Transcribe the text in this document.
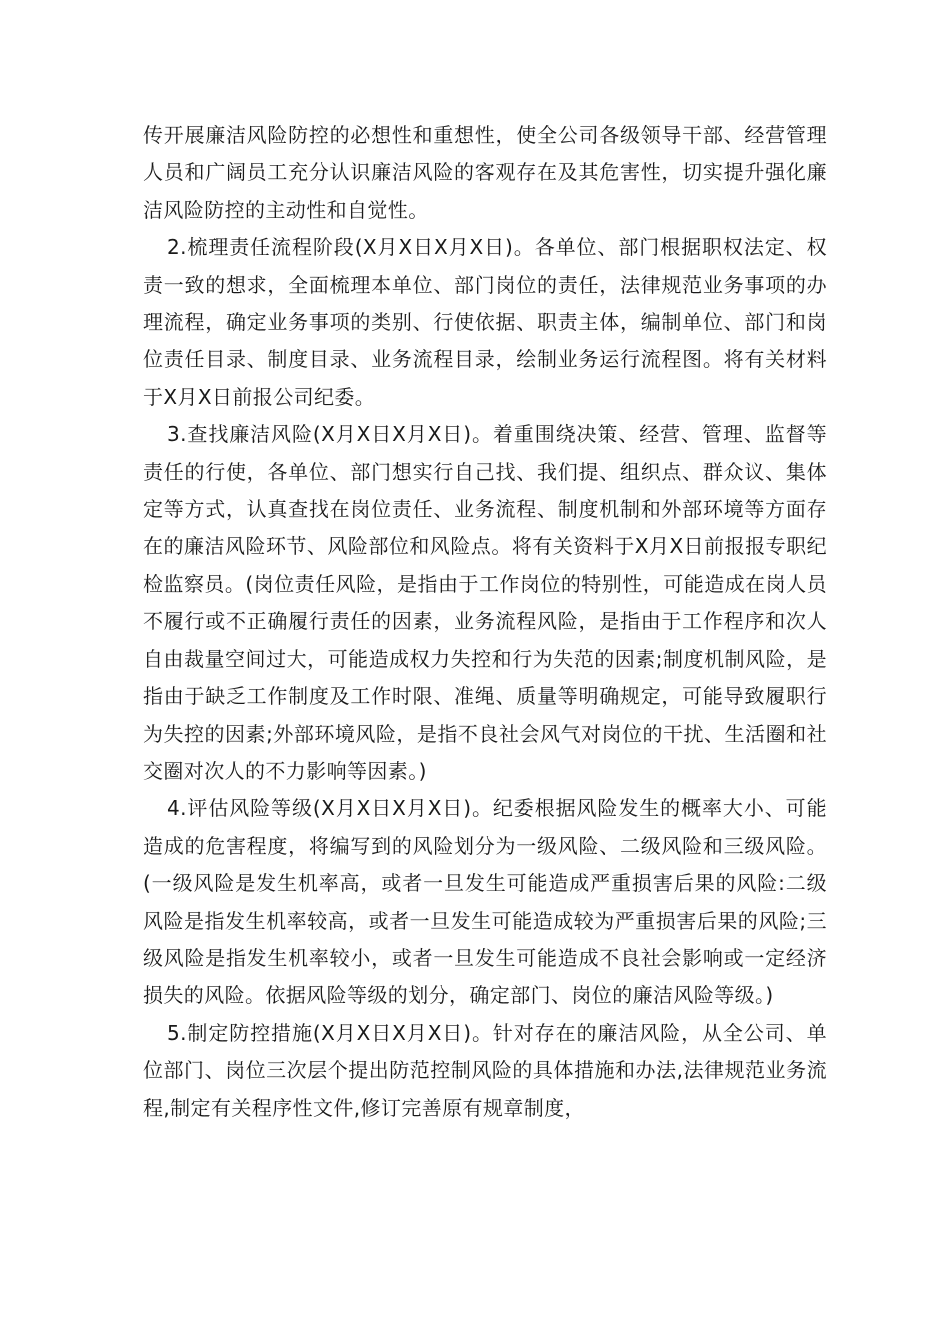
传开展廉洁风险防控的必想性和重想性，使全公司各级领导干部、经营管理人员和广阔员工充分认识廉洁风险的客观存在及其危害性，切实提升强化廉洁风险防控的主动性和自觉性。

2.梳理责任流程阶段(X月X日X月X日)。各单位、部门根据职权法定、权责一致的想求，全面梳理本单位、部门岗位的责任，法律规范业务事项的办理流程，确定业务事项的类别、行使依据、职责主体，编制单位、部门和岗位责任目录、制度目录、业务流程目录，绘制业务运行流程图。将有关材料于X月X日前报公司纪委。

3.查找廉洁风险(X月X日X月X日)。着重围绕决策、经营、管理、监督等责任的行使，各单位、部门想实行自己找、我们提、组织点、群众议、集体定等方式，认真查找在岗位责任、业务流程、制度机制和外部环境等方面存在的廉洁风险环节、风险部位和风险点。将有关资料于X月X日前报报专职纪检监察员。(岗位责任风险，是指由于工作岗位的特别性，可能造成在岗人员不履行或不正确履行责任的因素，业务流程风险，是指由于工作程序和次人自由裁量空间过大，可能造成权力失控和行为失范的因素;制度机制风险，是指由于缺乏工作制度及工作时限、准绳、质量等明确规定，可能导致履职行为失控的因素;外部环境风险，是指不良社会风气对岗位的干扰、生活圈和社交圈对次人的不力影响等因素。)

4.评估风险等级(X月X日X月X日)。纪委根据风险发生的概率大小、可能造成的危害程度，将编写到的风险划分为一级风险、二级风险和三级风险。(一级风险是发生机率高，或者一旦发生可能造成严重损害后果的风险:二级风险是指发生机率较高，或者一旦发生可能造成较为严重损害后果的风险;三级风险是指发生机率较小，或者一旦发生可能造成不良社会影响或一定经济损失的风险。依据风险等级的划分，确定部门、岗位的廉洁风险等级。)

5.制定防控措施(X月X日X月X日)。针对存在的廉洁风险，从全公司、单位部门、岗位三次层个提出防范控制风险的具体措施和办法,法律规范业务流程,制定有关程序性文件,修订完善原有规章制度，
